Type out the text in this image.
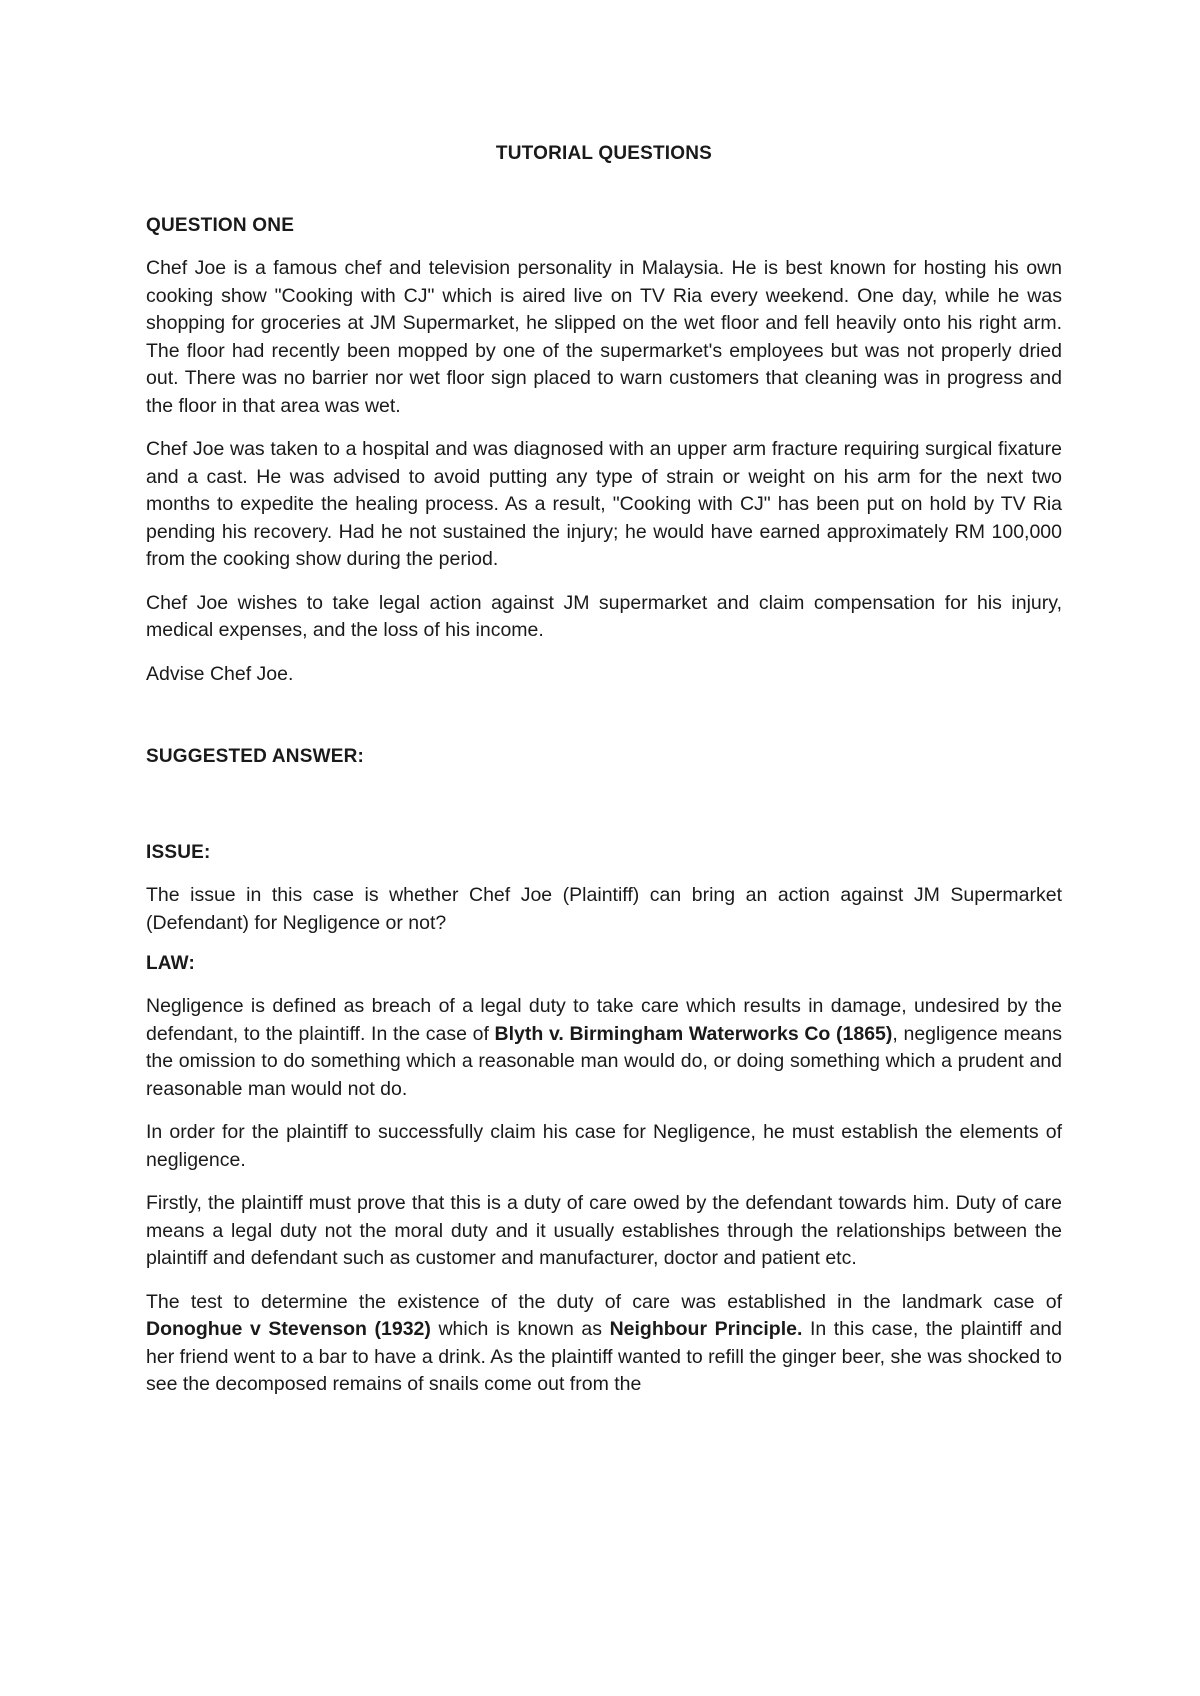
TUTORIAL QUESTIONS
QUESTION ONE

Chef Joe is a famous chef and television personality in Malaysia. He is best known for hosting his own cooking show "Cooking with CJ" which is aired live on TV Ria every weekend. One day, while he was shopping for groceries at JM Supermarket, he slipped on the wet floor and fell heavily onto his right arm. The floor had recently been mopped by one of the supermarket's employees but was not properly dried out. There was no barrier nor wet floor sign placed to warn customers that cleaning was in progress and the floor in that area was wet.

Chef Joe was taken to a hospital and was diagnosed with an upper arm fracture requiring surgical fixature and a cast. He was advised to avoid putting any type of strain or weight on his arm for the next two months to expedite the healing process. As a result, "Cooking with CJ" has been put on hold by TV Ria pending his recovery. Had he not sustained the injury; he would have earned approximately RM 100,000 from the cooking show during the period.

Chef Joe wishes to take legal action against JM supermarket and claim compensation for his injury, medical expenses, and the loss of his income.

Advise Chef Joe.

SUGGESTED ANSWER:
ISSUE:

The issue in this case is whether Chef Joe (Plaintiff) can bring an action against JM Supermarket (Defendant) for Negligence or not?

LAW:

Negligence is defined as breach of a legal duty to take care which results in damage, undesired by the defendant, to the plaintiff. In the case of Blyth v. Birmingham Waterworks Co (1865), negligence means the omission to do something which a reasonable man would do, or doing something which a prudent and reasonable man would not do.

In order for the plaintiff to successfully claim his case for Negligence, he must establish the elements of negligence.

Firstly, the plaintiff must prove that this is a duty of care owed by the defendant towards him. Duty of care means a legal duty not the moral duty and it usually establishes through the relationships between the plaintiff and defendant such as customer and manufacturer, doctor and patient etc.

The test to determine the existence of the duty of care was established in the landmark case of Donoghue v Stevenson (1932) which is known as Neighbour Principle. In this case, the plaintiff and her friend went to a bar to have a drink. As the plaintiff wanted to refill the ginger beer, she was shocked to see the decomposed remains of snails come out from the
